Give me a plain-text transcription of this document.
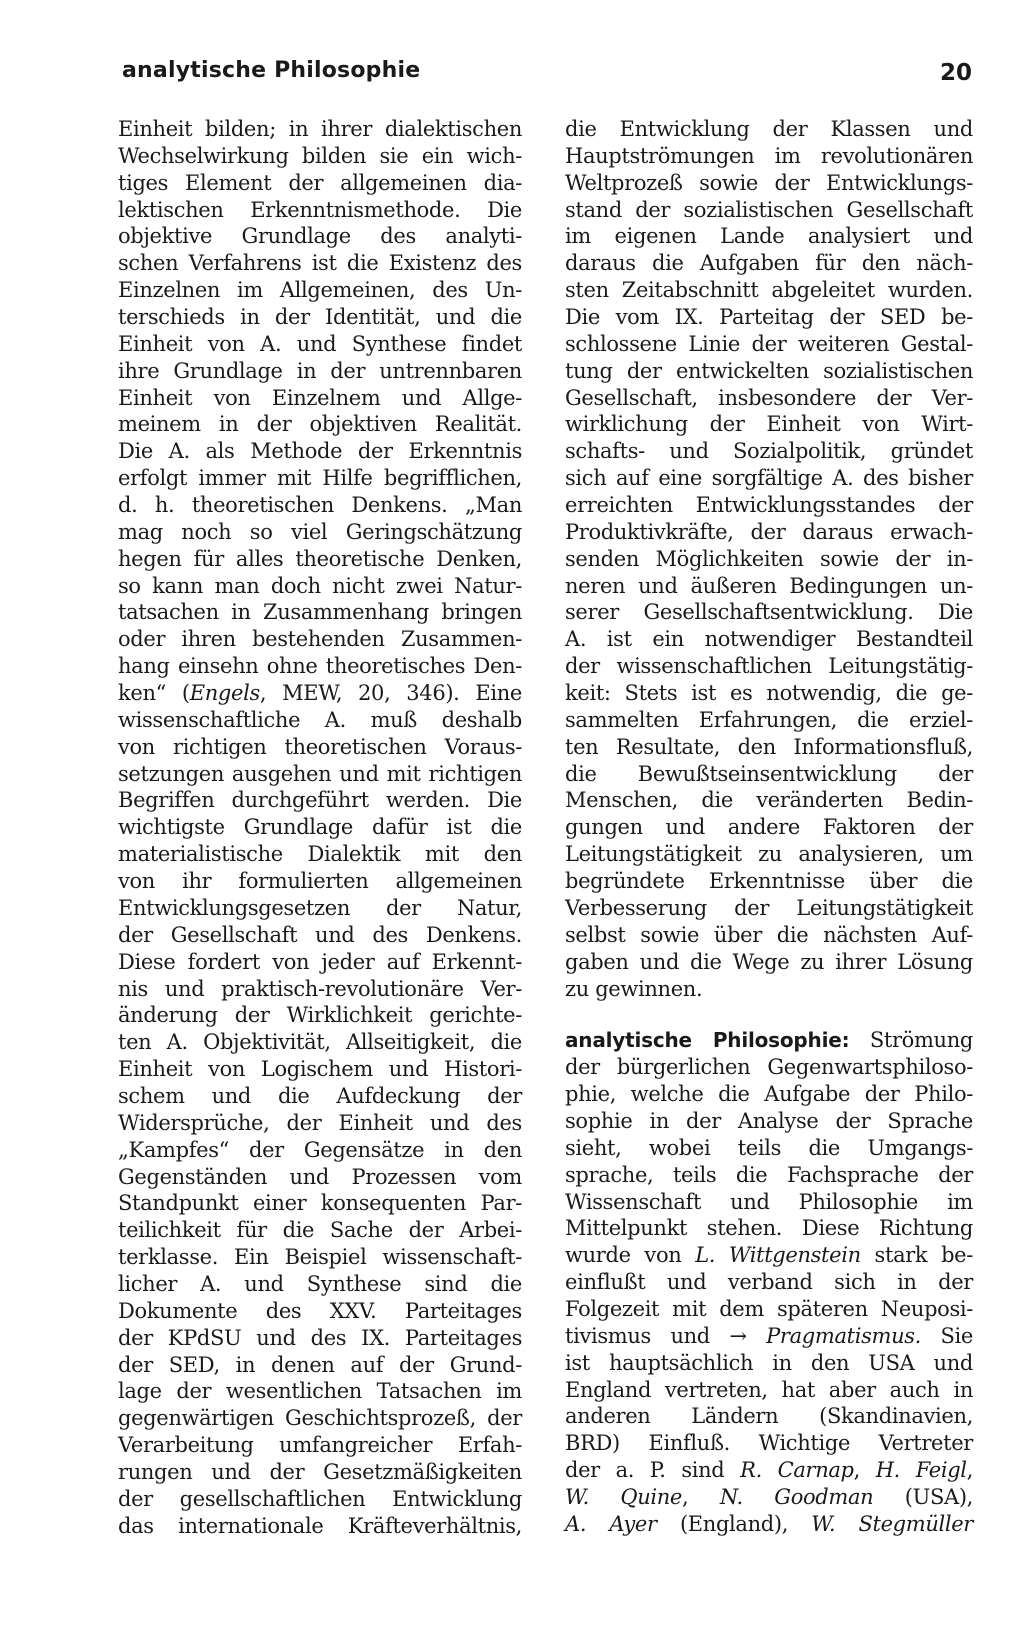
analytische Philosophie	20
Einheit bilden; in ihrer dialektischen
Wechselwirkung bilden sie ein wich-
tiges Element der allgemeinen dia-
lektischen Erkenntnismethode. Die
objektive Grundlage des analyti-
schen Verfahrens ist die Existenz des
Einzelnen im Allgemeinen, des Un-
terschieds in der Identität, und die
Einheit von A. und Synthese findet
ihre Grundlage in der untrennbaren
Einheit von Einzelnem und Allge-
meinem in der objektiven Realität.
Die A. als Methode der Erkenntnis
erfolgt immer mit Hilfe begrifflichen,
d. h. theoretischen Denkens. „Man
mag noch so viel Geringschätzung
hegen für alles theoretische Denken,
so kann man doch nicht zwei Natur-
tatsachen in Zusammenhang bringen
oder ihren bestehenden Zusammen-
hang einsehn ohne theoretisches Den-
ken“ (Engels, MEW, 20, 346). Eine
wissenschaftliche A. muß deshalb
von richtigen theoretischen Voraus-
setzungen ausgehen und mit richtigen
Begriffen durchgeführt werden. Die
wichtigste Grundlage dafür ist die
materialistische Dialektik mit den
von ihr formulierten allgemeinen
Entwicklungsgesetzen der Natur,
der Gesellschaft und des Denkens.
Diese fordert von jeder auf Erkennt-
nis und praktisch-revolutionäre Ver-
änderung der Wirklichkeit gerichte-
ten A. Objektivität, Allseitigkeit, die
Einheit von Logischem und Histori-
schem und die Aufdeckung der
Widersprüche, der Einheit und des
„Kampfes“ der Gegensätze in den
Gegenständen und Prozessen vom
Standpunkt einer konsequenten Par-
teilichkeit für die Sache der Arbei-
terklasse. Ein Beispiel wissenschaft-
licher A. und Synthese sind die
Dokumente des XXV. Parteitages
der KPdSU und des IX. Parteitages
der SED, in denen auf der Grund-
lage der wesentlichen Tatsachen im
gegenwärtigen Geschichtsprozeß, der
Verarbeitung umfangreicher Erfah-
rungen und der Gesetzmäßigkeiten
der gesellschaftlichen Entwicklung
das internationale Kräfteverhältnis,
die Entwicklung der Klassen und
Hauptströmungen im revolutionären
Weltprozeß sowie der Entwicklungs-
stand der sozialistischen Gesellschaft
im eigenen Lande analysiert und
daraus die Aufgaben für den näch-
sten Zeitabschnitt abgeleitet wurden.
Die vom IX. Parteitag der SED be-
schlossene Linie der weiteren Gestal-
tung der entwickelten sozialistischen
Gesellschaft, insbesondere der Ver-
wirklichung der Einheit von Wirt-
schafts- und Sozialpolitik, gründet
sich auf eine sorgfältige A. des bisher
erreichten Entwicklungsstandes der
Produktivkräfte, der daraus erwach-
senden Möglichkeiten sowie der in-
neren und äußeren Bedingungen un-
serer Gesellschaftsentwicklung. Die
A. ist ein notwendiger Bestandteil
der wissenschaftlichen Leitungstätig-
keit: Stets ist es notwendig, die ge-
sammelten Erfahrungen, die erziel-
ten Resultate, den Informationsfluß,
die Bewußtseinsentwicklung der
Menschen, die veränderten Bedin-
gungen und andere Faktoren der
Leitungstätigkeit zu analysieren, um
begründete Erkenntnisse über die
Verbesserung der Leitungstätigkeit
selbst sowie über die nächsten Auf-
gaben und die Wege zu ihrer Lösung
zu gewinnen.
analytische Philosophie: Strömung
der bürgerlichen Gegenwartsphiloso-
phie, welche die Aufgabe der Philo-
sophie in der Analyse der Sprache
sieht, wobei teils die Umgangs-
sprache, teils die Fachsprache der
Wissenschaft und Philosophie im
Mittelpunkt stehen. Diese Richtung
wurde von L. Wittgenstein stark be-
einflußt und verband sich in der
Folgezeit mit dem späteren Neuposi-
tivismus und → Pragmatismus. Sie
ist hauptsächlich in den USA und
England vertreten, hat aber auch in
anderen Ländern (Skandinavien,
BRD) Einfluß. Wichtige Vertreter
der a. P. sind R. Carnap, H. Feigl,
W. Quine, N. Goodman (USA),
A. Ayer (England), W. Stegmüller
